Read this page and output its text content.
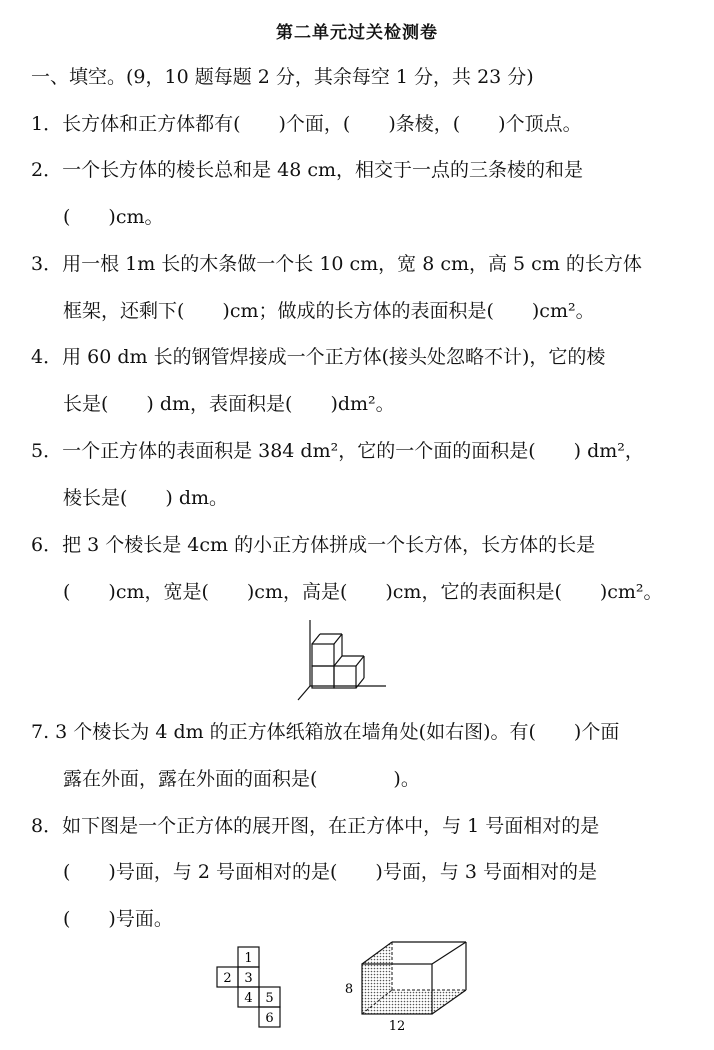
第二单元过关检测卷
一、填空。(9，10 题每题 2 分，其余每空 1 分，共 23 分)
1．长方体和正方体都有(　　)个面，(　　)条棱，(　　)个顶点。
2．一个长方体的棱长总和是 48 cm，相交于一点的三条棱的和是
(　　)cm。
3．用一根 1m 长的木条做一个长 10 cm，宽 8 cm，高 5 cm 的长方体
框架，还剩下(　　)cm；做成的长方体的表面积是(　　)cm²。
4．用 60 dm 长的钢管焊接成一个正方体(接头处忽略不计)，它的棱
长是(　　) dm，表面积是(　　)dm²。
5．一个正方体的表面积是 384 dm²，它的一个面的面积是(　　) dm²，
棱长是(　　) dm。
6．把 3 个棱长是 4cm 的小正方体拼成一个长方体，长方体的长是
(　　)cm，宽是(　　)cm，高是(　　)cm，它的表面积是(　　)cm²。
7. 3 个棱长为 4 dm 的正方体纸箱放在墙角处(如右图)。有(　　)个面
露在外面，露在外面的面积是(　　　　)。
8．如下图是一个正方体的展开图，在正方体中，与 1 号面相对的是
(　　)号面，与 2 号面相对的是(　　)号面，与 3 号面相对的是
(　　)号面。
1
2 3
4 5
6
8
12
